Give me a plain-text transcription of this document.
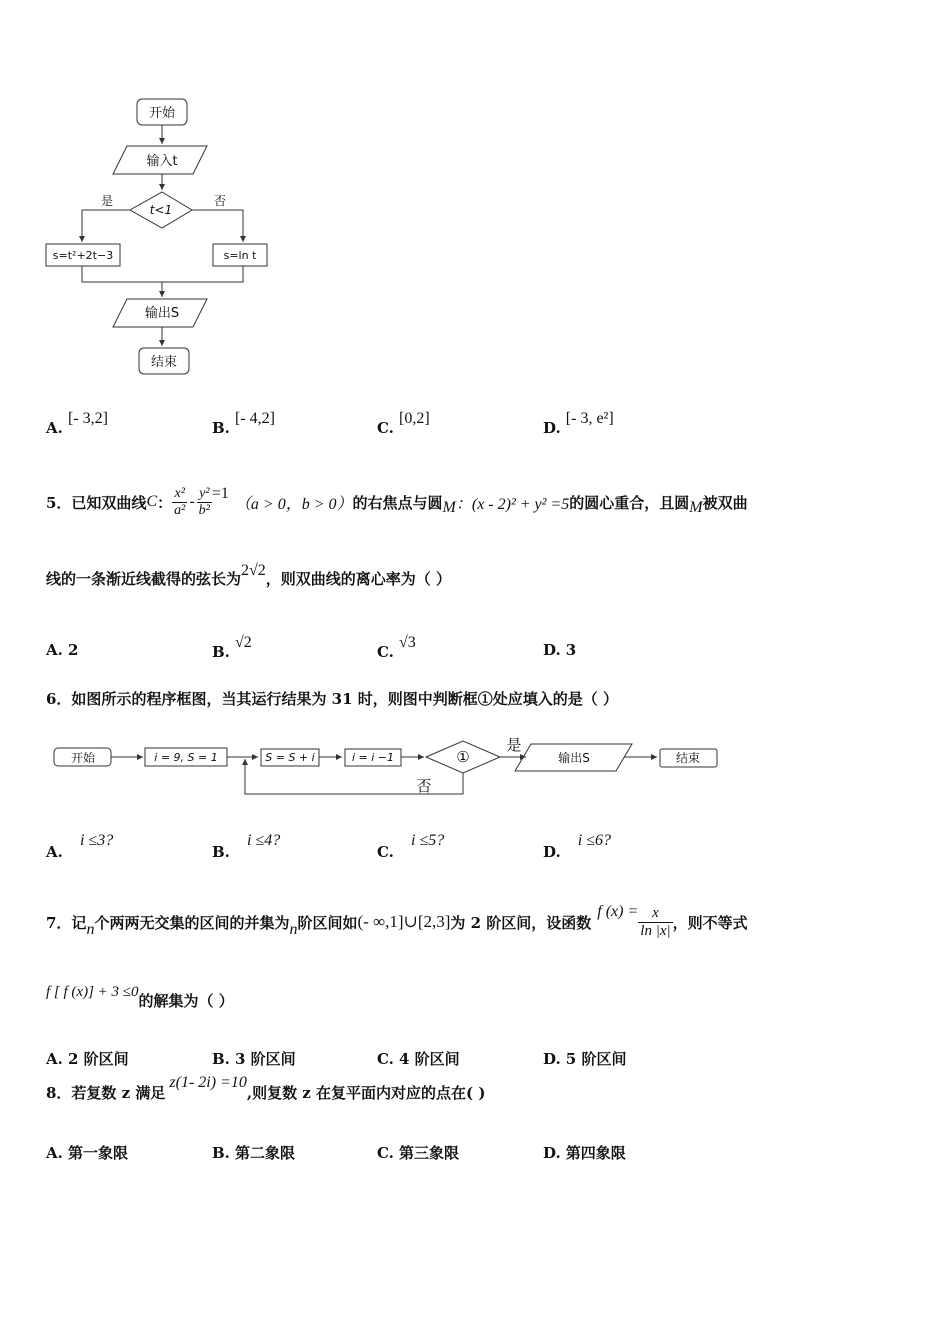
开始
输入t
t<1
是	否
s=t²+2t−3	s=ln t
输出S
结束
A. [- 3,2]
B. [- 4,2]
C. [0,2]
D. [- 3, e²]
5．已知双曲线 C ： $\frac{\text{x²}}{\text{a²}} - \frac{\text{y²}}{\text{b²}} =1$
（a > 0，b > 0） 的右焦点与圆 M ：(x - 2)² + y² =5 的圆心重合，且圆 M 被双曲
线的一条渐近线截得的弦长为 2√2 ，则双曲线的离心率为（ ）
A. 2	B. √2
C. √3	D. 3
6．如图所示的程序框图，当其运行结果为 31 时，则图中判断框①处应填入的是（ ）
开始	i = 9, S = 1	S = S + i	i = i −1	①
是
否
输出S	结束
A. i ≤3?
B. i ≤4?
C. i ≤5?
D. i ≤6?
7．记 n 个两两无交集的区间的并集为 n 阶区间如 (- ∞,1]∪[2,3] 为 2 阶区间，设函数
f $(x) = \frac{x}{\ln |x|}$ ，则不等式
f [ f (x)] + 3 ≤0 的解集为（ ）
A. 2 阶区间	B. 3 阶区间	C. 4 阶区间	D. 5 阶区间
8．若复数 z 满足
z(1- 2i) =10
,则复数 z 在复平面内对应的点在( )
A. 第一象限	B. 第二象限	C. 第三象限	D. 第四象限
